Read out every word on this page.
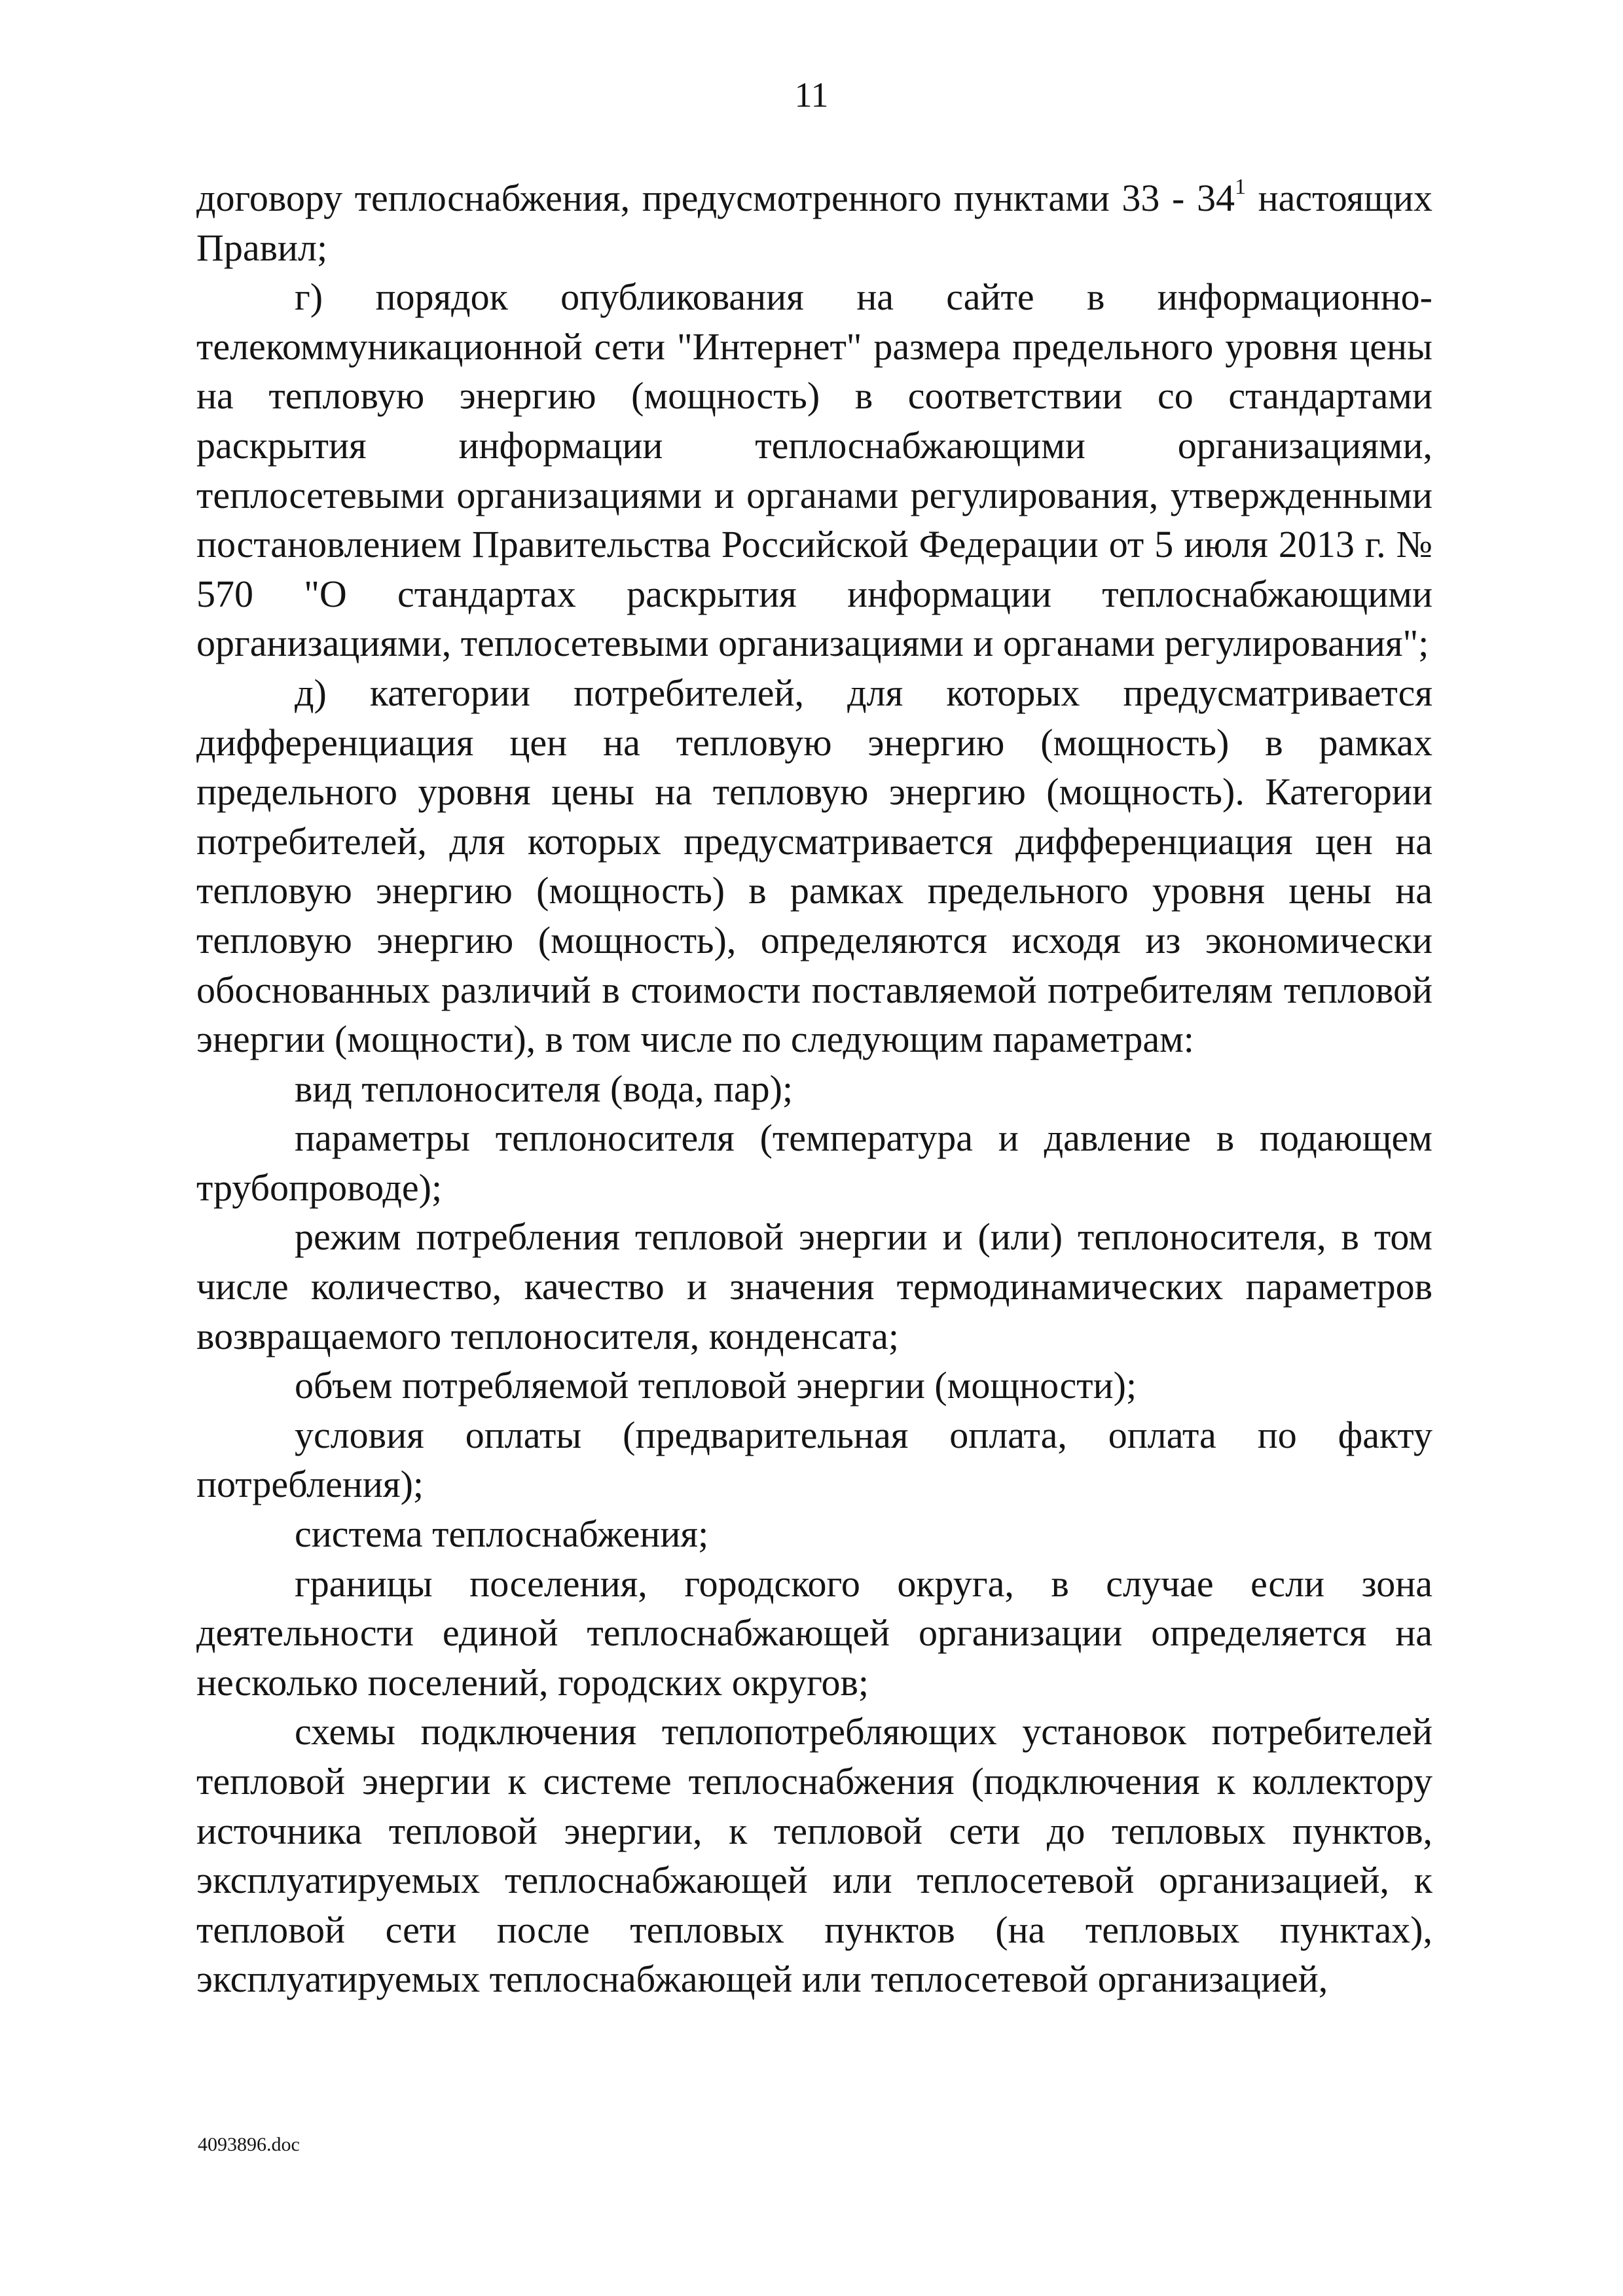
11

договору теплоснабжения, предусмотренного пунктами $33 - 34^1$ настоящих Правил;

г) порядок опубликования на сайте в информационно-телекоммуникационной сети "Интернет" размера предельного уровня цены на тепловую энергию (мощность) в соответствии со стандартами раскрытия информации теплоснабжающими организациями, теплосетевыми организациями и органами регулирования, утвержденными постановлением Правительства Российской Федерации от 5 июля 2013 г. № 570 "О стандартах раскрытия информации теплоснабжающими организациями, теплосетевыми организациями и органами регулирования";

д) категории потребителей, для которых предусматривается дифференциация цен на тепловую энергию (мощность) в рамках предельного уровня цены на тепловую энергию (мощность). Категории потребителей, для которых предусматривается дифференциация цен на тепловую энергию (мощность) в рамках предельного уровня цены на тепловую энергию (мощность), определяются исходя из экономически обоснованных различий в стоимости поставляемой потребителям тепловой энергии (мощности), в том числе по следующим параметрам:

вид теплоносителя (вода, пар);

параметры теплоносителя (температура и давление в подающем трубопроводе);

режим потребления тепловой энергии и (или) теплоносителя, в том числе количество, качество и значения термодинамических параметров возвращаемого теплоносителя, конденсата;

объем потребляемой тепловой энергии (мощности);

условия оплаты (предварительная оплата, оплата по факту потребления);

система теплоснабжения;

границы поселения, городского округа, в случае если зона деятельности единой теплоснабжающей организации определяется на несколько поселений, городских округов;

схемы подключения теплопотребляющих установок потребителей тепловой энергии к системе теплоснабжения (подключения к коллектору источника тепловой энергии, к тепловой сети до тепловых пунктов, эксплуатируемых теплоснабжающей или теплосетевой организацией, к тепловой сети после тепловых пунктов (на тепловых пунктах), эксплуатируемых теплоснабжающей или теплосетевой организацией,

4093896.doc
